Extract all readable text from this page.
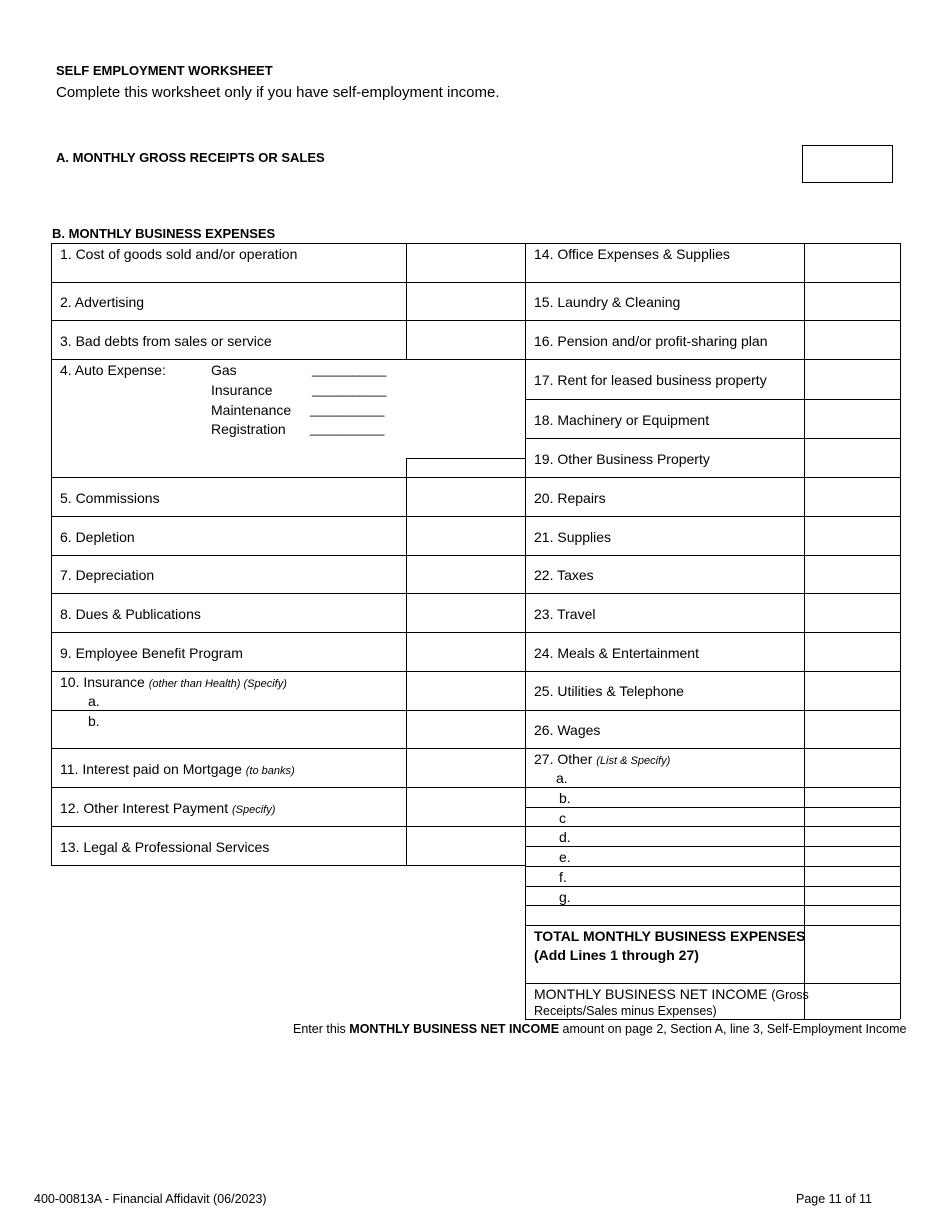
SELF EMPLOYMENT WORKSHEET
Complete this worksheet only if you have self-employment income.
A. MONTHLY GROSS RECEIPTS OR SALES
B. MONTHLY BUSINESS EXPENSES
1. Cost of goods sold and/or operation
2. Advertising
3. Bad debts from sales or service
4. Auto Expense:	Gas	___________
Insurance	___________
Maintenance ___________
Registration ___________
5. Commissions
6. Depletion
7. Depreciation
8. Dues & Publications
9. Employee Benefit Program
10. Insurance (other than Health) (Specify)
a.
b.
11. Interest paid on Mortgage (to banks)
12. Other Interest Payment (Specify)
13. Legal & Professional Services
14. Office Expenses & Supplies
15. Laundry & Cleaning
16. Pension and/or profit-sharing plan
17. Rent for leased business property
18. Machinery or Equipment
19. Other Business Property
20. Repairs
21. Supplies
22. Taxes
23. Travel
24. Meals & Entertainment
25. Utilities & Telephone
26. Wages
27. Other (List & Specify)
a.
b.
c
d.
e.
f.
g.
TOTAL MONTHLY BUSINESS EXPENSES
(Add Lines 1 through 27)
MONTHLY BUSINESS NET INCOME (Gross
Receipts/Sales minus Expenses)
Enter this MONTHLY BUSINESS NET INCOME amount on page 2, Section A, line 3, Self-Employment Income
400-00813A - Financial Affidavit (06/2023)	Page 11 of 11
